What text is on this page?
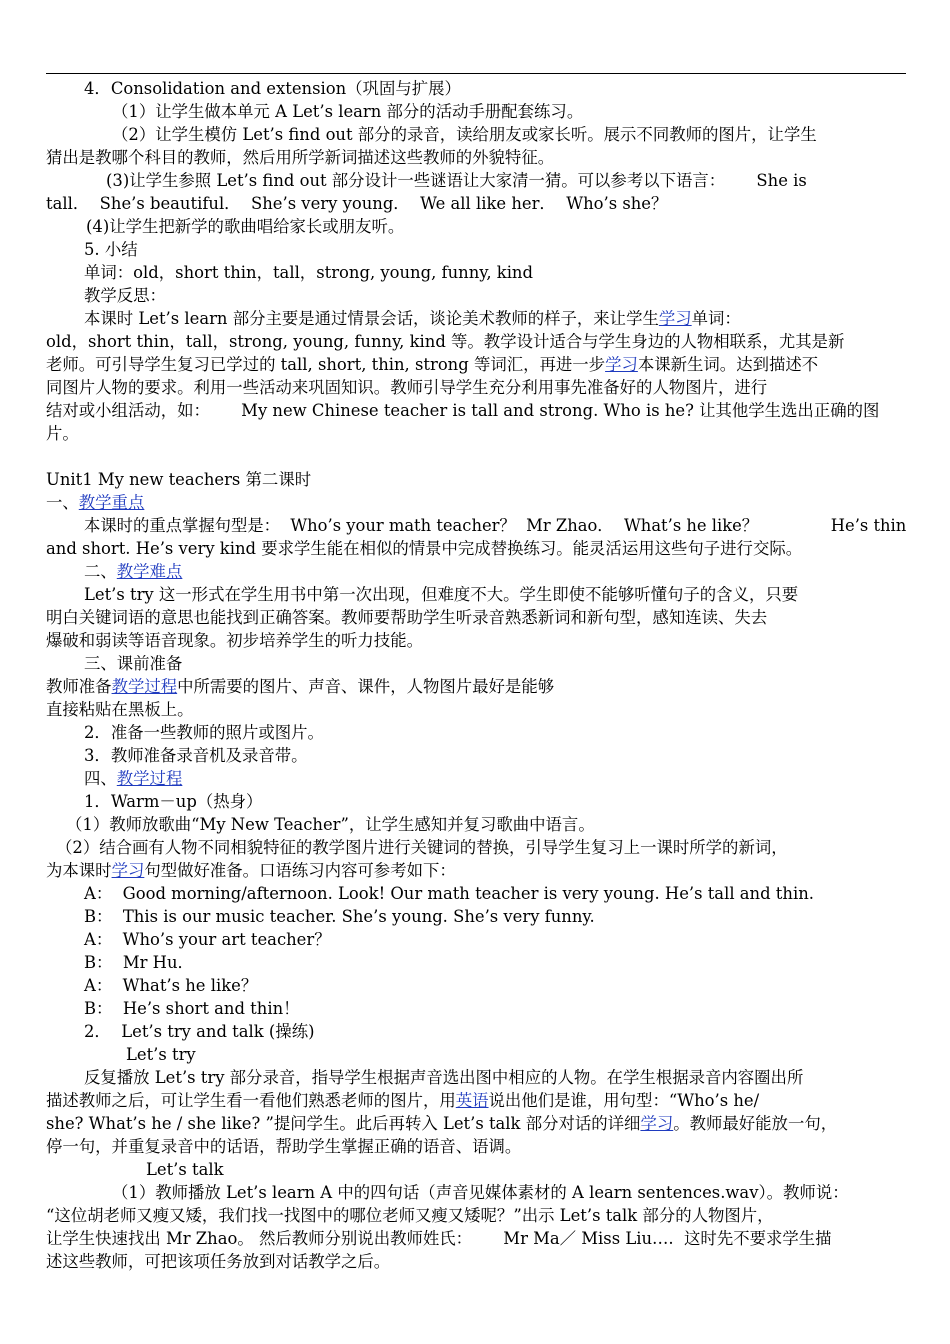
4．Consolidation and extension（巩固与扩展）
（1）让学生做本单元 A Let’s learn 部分的活动手册配套练习。
（2）让学生模仿 Let’s find out 部分的录音，读给朋友或家长听。展示不同教师的图片，让学生
猜出是教哪个科目的教师，然后用所学新词描述这些教师的外貌特征。
(3)让学生参照 Let’s find out 部分设计一些谜语让大家清一猜。可以参考以下语言：      She is
tall．  She’s beautiful．  She’s very young．  We all like her．  Who’s she？
(4)让学生把新学的歌曲唱给家长或朋友听。
5. 小结
单词：old，short thin，tall，strong, young, funny, kind
教学反思：
本课时 Let’s learn 部分主要是通过情景会话，谈论美术教师的样子，来让学生学习单词：
old，short thin，tall，strong, young, funny, kind 等。教学设计适合与学生身边的人物相联系，尤其是新
老师。可引导学生复习已学过的 tall, short, thin, strong 等词汇，再进一步学习本课新生词。达到描述不
同图片人物的要求。利用一些活动来巩固知识。教师引导学生充分利用事先准备好的人物图片，进行
结对或小组活动，如：      My new Chinese teacher is tall and strong. Who is he? 让其他学生选出正确的图
片。
Unit1 My new teachers 第二课时
一、教学重点
本课时的重点掌握句型是：  Who’s your math teacher？  Mr Zhao．  What’s he like？              He’s thin
and short. He’s very kind 要求学生能在相似的情景中完成替换练习。能灵活运用这些句子进行交际。
二、教学难点
Let’s try 这一形式在学生用书中第一次出现，但难度不大。学生即使不能够听懂句子的含义，只要
明白关键词语的意思也能找到正确答案。教师要帮助学生听录音熟悉新词和新句型，感知连读、失去
爆破和弱读等语音现象。初步培养学生的听力技能。
三、课前准备
教师准备教学过程中所需要的图片、声音、课件，人物图片最好是能够
直接粘贴在黑板上。
2．准备一些教师的照片或图片。
3．教师准备录音机及录音带。
四、教学过程
1．Warm－up（热身）
（1）教师放歌曲“My New Teacher”，让学生感知并复习歌曲中语言。
（2）结合画有人物不同相貌特征的教学图片进行关键词的替换，引导学生复习上一课时所学的新词，
为本课时学习句型做好准备。口语练习内容可参考如下：
A：  Good morning/afternoon. Look! Our math teacher is very young. He’s tall and thin.
B：  This is our music teacher. She’s young. She’s very funny.
A：  Who’s your art teacher？
B：  Mr Hu．
A：  What’s he like？
B：  He’s short and thin！
2．  Let’s try and talk (操练)
Let’s try
反复播放 Let’s try 部分录音，指导学生根据声音选出图中相应的人物。在学生根据录音内容圈出所
描述教师之后，可让学生看一看他们熟悉老师的图片，用英语说出他们是谁，用句型：“Who’s he/
she? What’s he / she like? ”提问学生。此后再转入 Let’s talk 部分对话的详细学习。教师最好能放一句，
停一句，并重复录音中的话语，帮助学生掌握正确的语音、语调。
Let’s talk
（1）教师播放 Let’s learn A 中的四句话（声音见媒体素材的 A learn sentences.wav）。教师说：
“这位胡老师又瘦又矮，我们找一找图中的哪位老师又瘦又矮呢？”出示 Let’s talk 部分的人物图片，
让学生快速找出 Mr Zhao。 然后教师分别说出教师姓氏：      Mr Ma／ Miss Liu….  这时先不要求学生描
述这些教师，可把该项任务放到对话教学之后。
